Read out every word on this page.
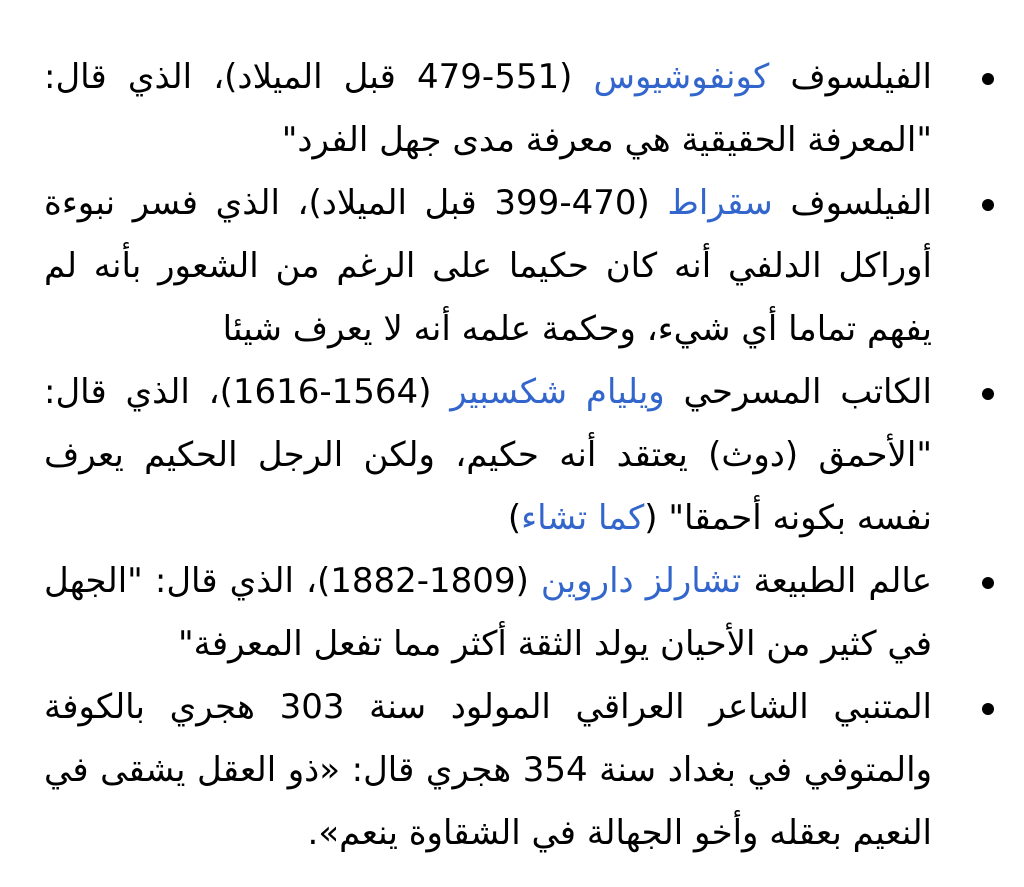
الفيلسوف كونفوشيوس (551-479 قبل الميلاد)، الذي قال: "المعرفة الحقيقية هي معرفة مدى جهل الفرد"
الفيلسوف سقراط (470-399 قبل الميلاد)، الذي فسر نبوءة أوراكل الدلفي أنه كان حكيما على الرغم من الشعور بأنه لم يفهم تماما أي شيء، وحكمة علمه أنه لا يعرف شيئا
الكاتب المسرحي ويليام شكسبير (1564-1616)، الذي قال: "الأحمق (دوث) يعتقد أنه حكيم، ولكن الرجل الحكيم يعرف نفسه بكونه أحمقا" (كما تشاء)
عالم الطبيعة تشارلز داروين (1809-1882)، الذي قال: "الجهل في كثير من الأحيان يولد الثقة أكثر مما تفعل المعرفة"
المتنبي الشاعر العراقي المولود سنة 303 هجري بالكوفة والمتوفي في بغداد سنة 354 هجري قال: «ذو العقل يشقى في النعيم بعقله وأخو الجهالة في الشقاوة ينعم».
